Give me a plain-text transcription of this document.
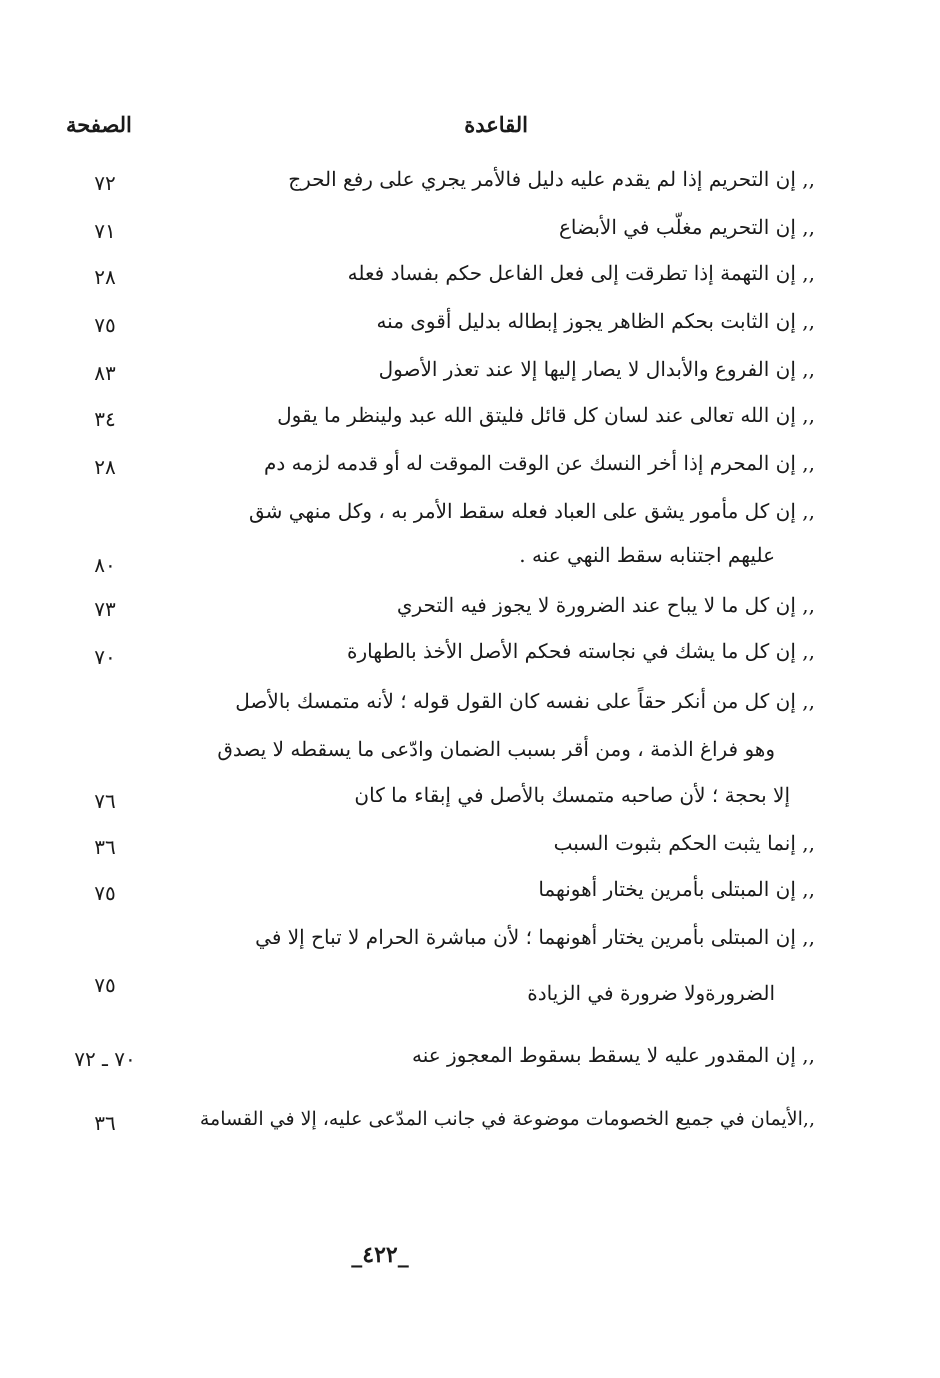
القاعدة
الصفحة
,, إن التحريم إذا لم يقدم عليه دليل فالأمر يجري على رفع الحرج
٧٢
,, إن التحريم مغلّب في الأبضاع
٧١
,, إن التهمة إذا تطرقت إلى فعل الفاعل حكم بفساد فعله
٢٨
,, إن الثابت بحكم الظاهر يجوز إبطاله بدليل أقوى منه
٧٥
,, إن الفروع والأبدال لا يصار إليها إلا عند تعذر الأصول
٨٣
,, إن الله تعالى عند لسان كل قائل فليتق الله عبد ولينظر ما يقول
٣٤
,, إن المحرم إذا أخر النسك عن الوقت الموقت له أو قدمه لزمه دم
٢٨
,, إن كل مأمور يشق على العباد فعله سقط الأمر به ، وكل منهي شق
عليهم اجتنابه سقط النهي عنه .
٨٠
,, إن كل ما لا يباح عند الضرورة لا يجوز فيه التحري
٧٣
,, إن كل ما يشك في نجاسته فحكم الأصل الأخذ بالطهارة
٧٠
,, إن كل من أنكر حقاً على نفسه كان القول قوله ؛ لأنه متمسك بالأصل
وهو فراغ الذمة ، ومن أقر بسبب الضمان وادّعى ما يسقطه لا يصدق
إلا بحجة ؛ لأن صاحبه متمسك بالأصل في إبقاء ما كان
٧٦
,, إنما يثبت الحكم بثبوت السبب
٣٦
,, إن المبتلى بأمرين يختار أهونهما
٧٥
,, إن المبتلى بأمرين يختار أهونهما ؛ لأن مباشرة الحرام لا تباح إلا في
الضرورةولا ضرورة في الزيادة
٧٥
,, إن المقدور عليه لا يسقط بسقوط المعجوز عنه
٧٠ ـ ٧٢
,,الأيمان في جميع الخصومات موضوعة في جانب المدّعى عليه، إلا في القسامة
٣٦
_٤٢٢_
